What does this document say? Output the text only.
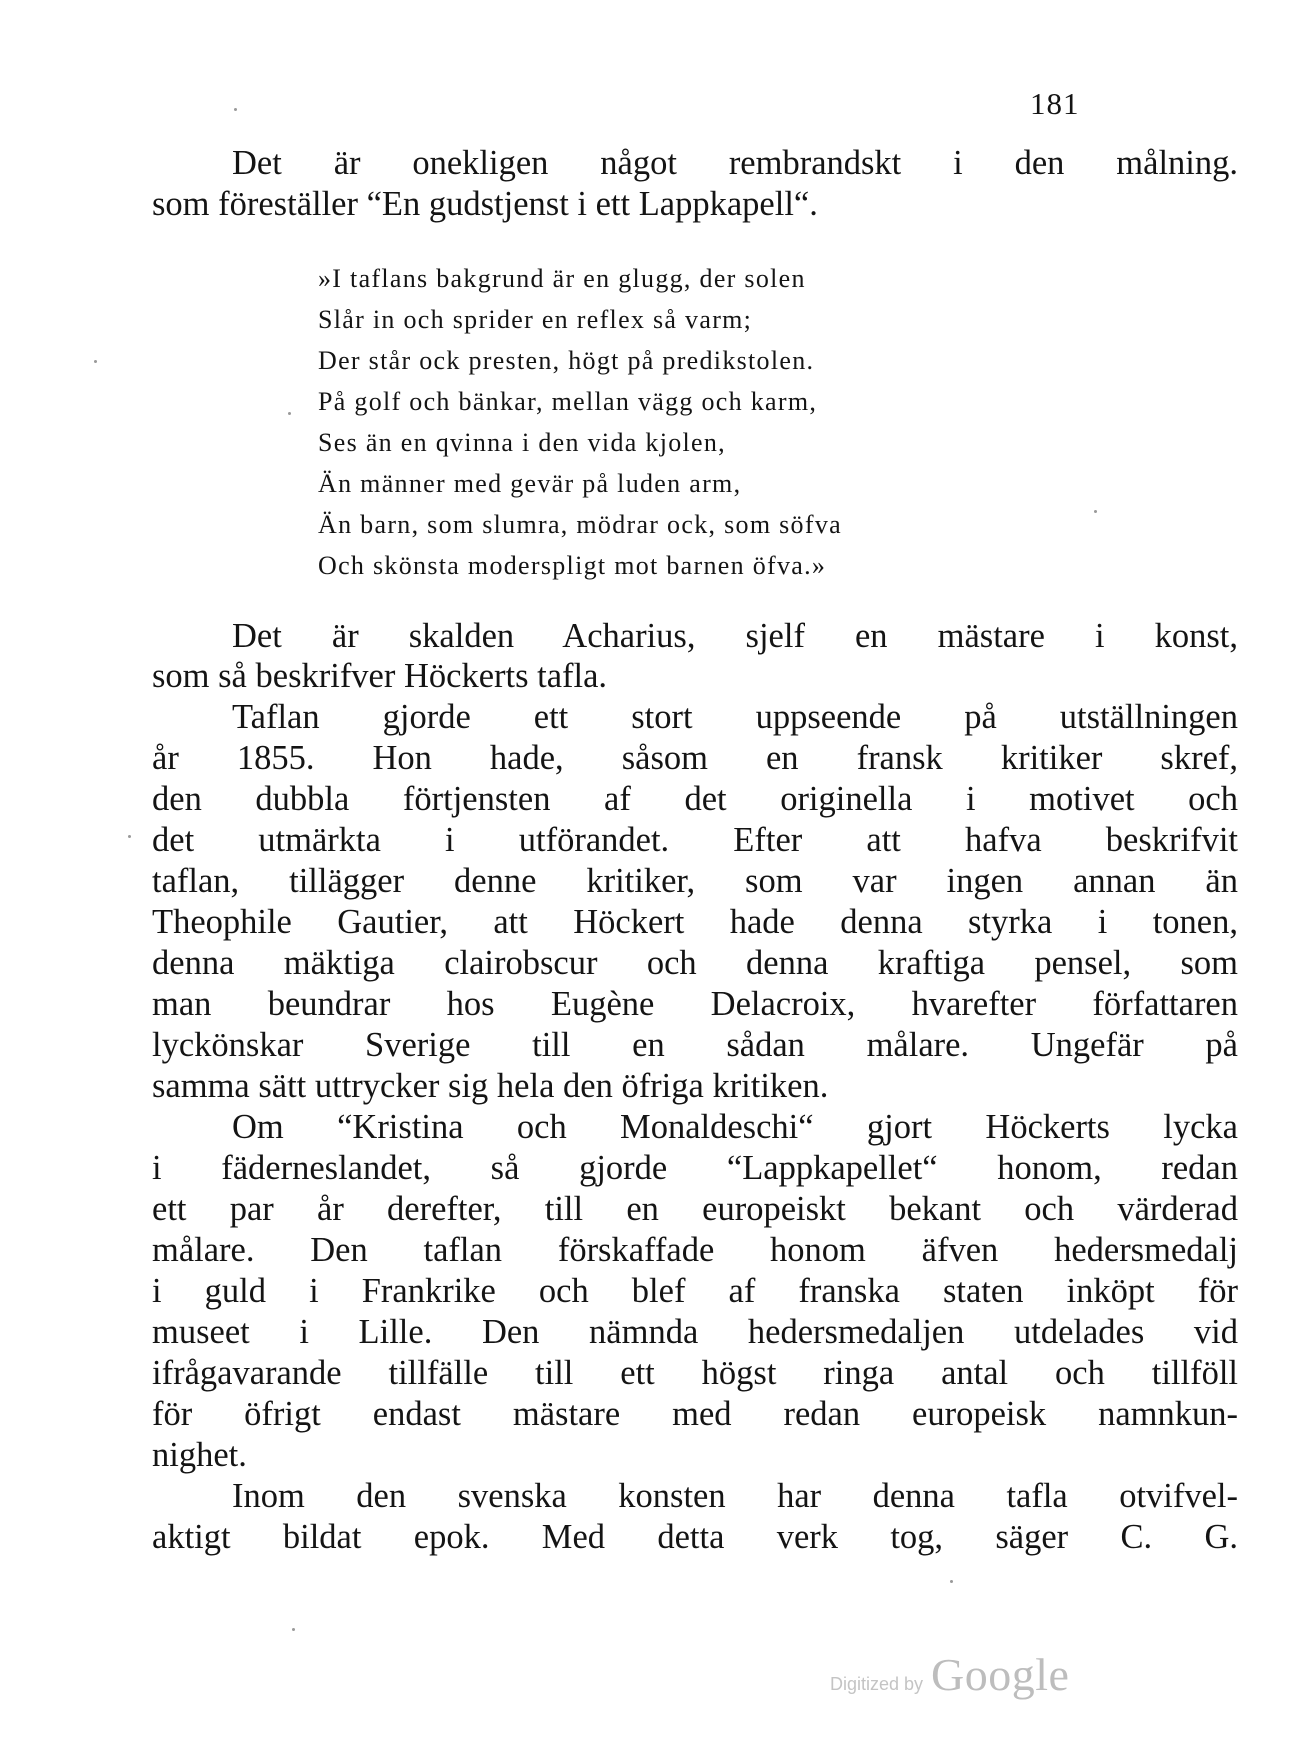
181
Det är onekligen något rembrandskt i den målning.
som föreställer “En gudstjenst i ett Lappkapell“.
»I taflans bakgrund är en glugg, der solen
Slår in och sprider en reflex så varm;
Der står ock presten, högt på predikstolen.
På golf och bänkar, mellan vägg och karm,
Ses än en qvinna i den vida kjolen,
Än männer med gevär på luden arm,
Än barn, som slumra, mödrar ock, som söfva
Och skönsta moderspligt mot barnen öfva.»
Det är skalden Acharius, sjelf en mästare i konst,
som så beskrifver Höckerts tafla.
Taflan gjorde ett stort uppseende på utställningen
år 1855. Hon hade, såsom en fransk kritiker skref,
den dubbla förtjensten af det originella i motivet och
det utmärkta i utförandet. Efter att hafva beskrifvit
taflan, tillägger denne kritiker, som var ingen annan än
Theophile Gautier, att Höckert hade denna styrka i tonen,
denna mäktiga clairobscur och denna kraftiga pensel, som
man beundrar hos Eugène Delacroix, hvarefter författaren
lyckönskar Sverige till en sådan målare. Ungefär på
samma sätt uttrycker sig hela den öfriga kritiken.
Om “Kristina och Monaldeschi“ gjort Höckerts lycka
i fäderneslandet, så gjorde “Lappkapellet“ honom, redan
ett par år derefter, till en europeiskt bekant och värderad
målare. Den taflan förskaffade honom äfven hedersmedalj
i guld i Frankrike och blef af franska staten inköpt för
museet i Lille. Den nämnda hedersmedaljen utdelades vid
ifrågavarande tillfälle till ett högst ringa antal och tillföll
för öfrigt endast mästare med redan europeisk namnkun-
nighet.
Inom den svenska konsten har denna tafla otvifvel-
aktigt bildat epok. Med detta verk tog, säger C. G.
Digitized by Google
